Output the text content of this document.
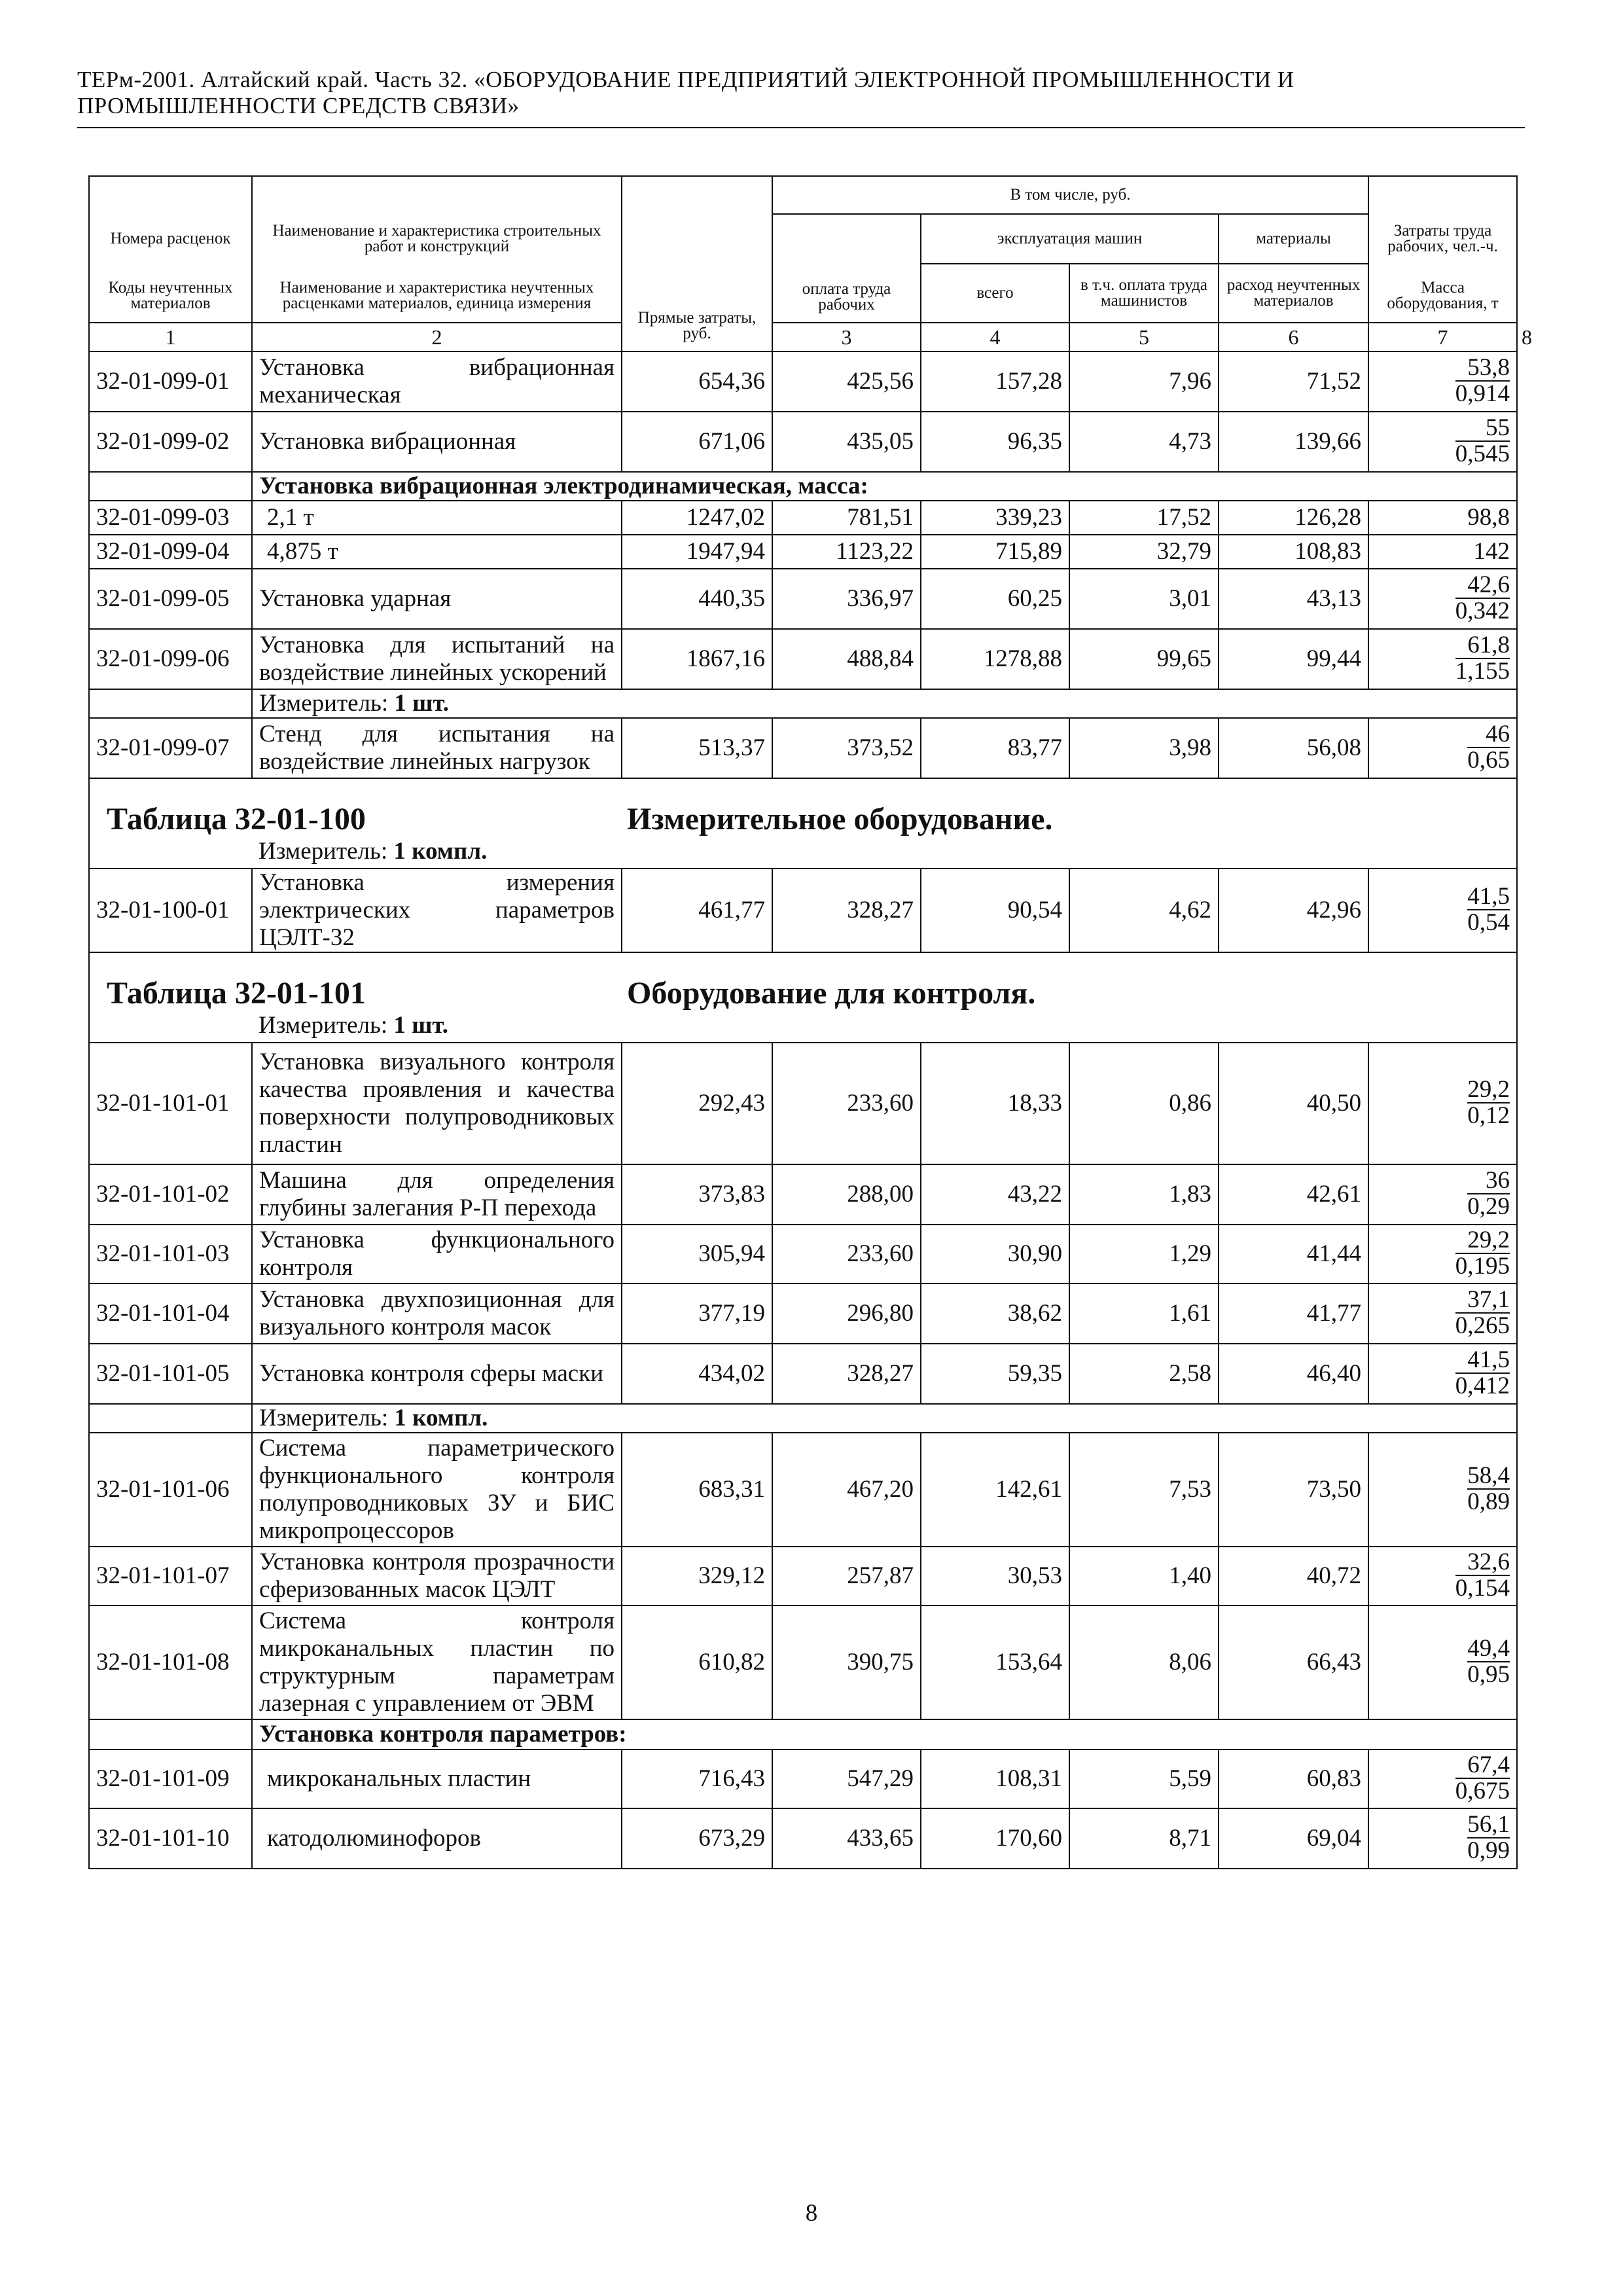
ТЕРм-2001. Алтайский край. Часть 32. «ОБОРУДОВАНИЕ ПРЕДПРИЯТИЙ ЭЛЕКТРОННОЙ ПРОМЫШЛЕННОСТИ И
ПРОМЫШЛЕННОСТИ СРЕДСТВ СВЯЗИ»
Номера расценок	Наименование и характеристика строительных работ и конструкций	Прямые затраты, руб.	В том числе, руб.				Затраты труда рабочих, чел.-ч.	
			оплата труда рабочих	эксплуатация машин		материалы		
				всего	в т.ч. оплата труда машинистов	расход неучтенных материалов		
Коды неучтенных материалов	Наименование и характеристика неучтенных расценками материалов, единица измерения						Масса оборудования, т	
1	2		3	4	5	6	7	8
32-01-099-01	Установка вибрационная механическая	654,36	425,56	157,28	7,96	71,52	$\frac{53,8}{0,914}$

32-01-099-02	Установка вибрационная	671,06	435,05	96,35	4,73	139,66	$\frac{55}{0,545}$

	Установка вибрационная электродинамическая, масса:							
32-01-099-03	2,1 т	1247,02	781,51	339,23	17,52	126,28	98,8	
32-01-099-04	4,875 т	1947,94	1123,22	715,89	32,79	108,83	142	
32-01-099-05	Установка ударная	440,35	336,97	60,25	3,01	43,13	$\frac{42,6}{0,342}$

32-01-099-06	Установка для испытаний на воздействие линейных ускорений	1867,16	488,84	1278,88	99,65	99,44	$\frac{61,8}{1,155}$

	Измеритель: 1 шт.							
32-01-099-07	Стенд для испытания на воздействие линейных нагрузок	513,37	373,52	83,77	3,98	56,08	$\frac{46}{0,65}$

Таблица 32-01-100 Измерительное оборудование.
Измеритель: 1 компл.								

32-01-100-01	Установка измерения электрических параметров ЦЭЛТ-32	461,77	328,27	90,54	4,62	42,96	$\frac{41,5}{0,54}$

Таблица 32-01-101 Оборудование для контроля.
Измеритель: 1 шт.								

32-01-101-01	Установка визуального контроля качества проявления и качества поверхности полупроводниковых пластин	292,43	233,60	18,33	0,86	40,50	$\frac{29,2}{0,12}$

32-01-101-02	Машина для определения глубины залегания Р-П перехода	373,83	288,00	43,22	1,83	42,61	$\frac{36}{0,29}$

32-01-101-03	Установка функционального контроля	305,94	233,60	30,90	1,29	41,44	$\frac{29,2}{0,195}$

32-01-101-04	Установка двухпозиционная для визуального контроля масок	377,19	296,80	38,62	1,61	41,77	$\frac{37,1}{0,265}$

32-01-101-05	Установка контроля сферы маски	434,02	328,27	59,35	2,58	46,40	$\frac{41,5}{0,412}$

	Измеритель: 1 компл.							
32-01-101-06	Система параметрического функционального контроля полупроводниковых ЗУ и БИС микропроцессоров	683,31	467,20	142,61	7,53	73,50	$\frac{58,4}{0,89}$

32-01-101-07	Установка контроля прозрачности сферизованных масок ЦЭЛТ	329,12	257,87	30,53	1,40	40,72	$\frac{32,6}{0,154}$

32-01-101-08	Система контроля микроканальных пластин по структурным параметрам лазерная с управлением от ЭВМ	610,82	390,75	153,64	8,06	66,43	$\frac{49,4}{0,95}$

	Установка контроля параметров:							
32-01-101-09	микроканальных пластин	716,43	547,29	108,31	5,59	60,83	$\frac{67,4}{0,675}$

32-01-101-10	катодолюминофоров	673,29	433,65	170,60	8,71	69,04	$\frac{56,1}{0,99}$
8
